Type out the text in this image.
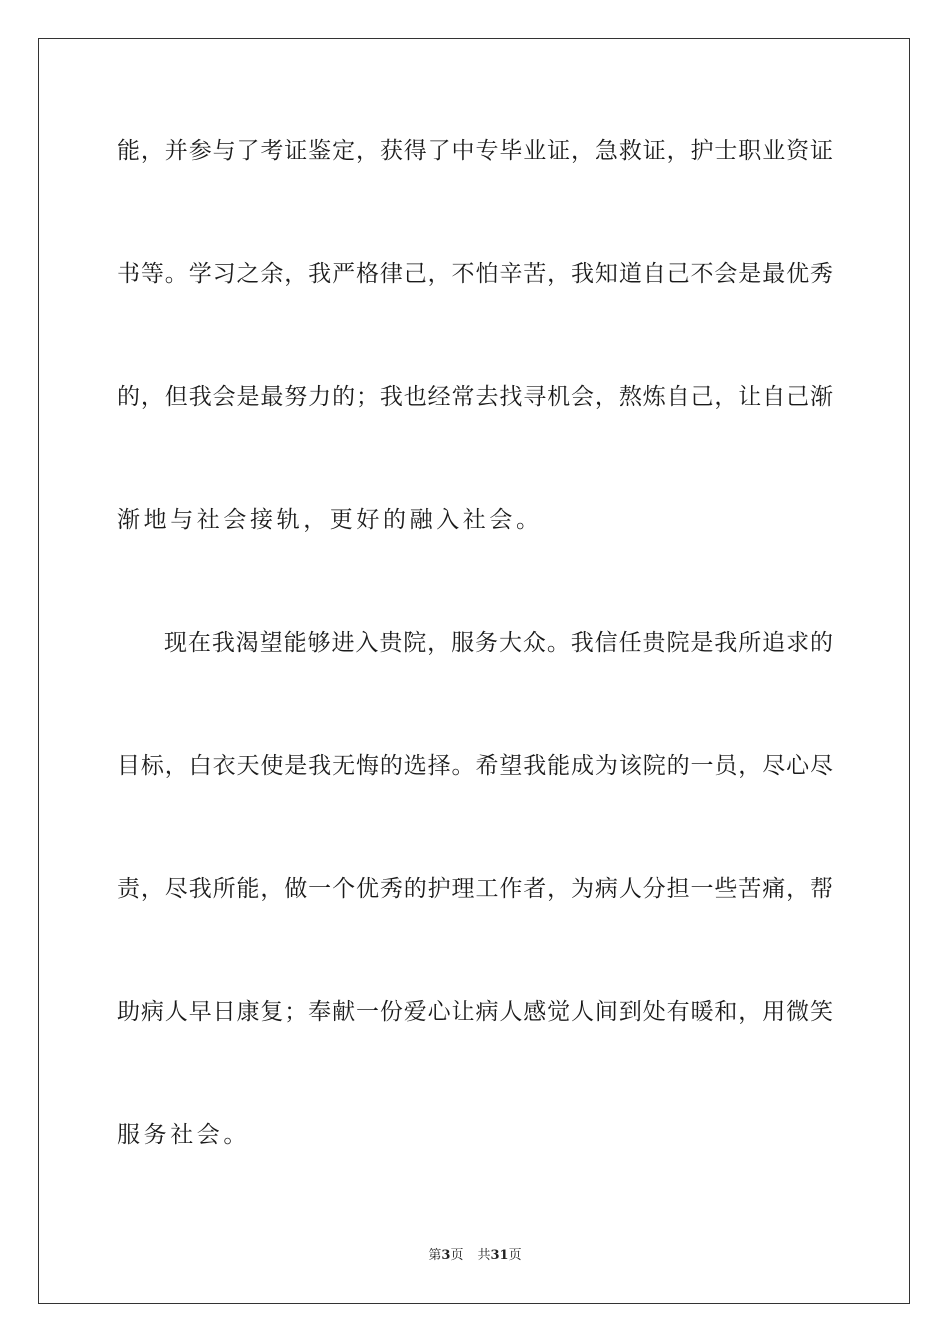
能，并参与了考证鉴定，获得了中专毕业证，急救证，护士职业资证
书等。学习之余，我严格律己，不怕辛苦，我知道自己不会是最优秀
的，但我会是最努力的；我也经常去找寻机会，熬炼自己，让自己渐
渐地与社会接轨，更好的融入社会。
现在我渴望能够进入贵院，服务大众。我信任贵院是我所追求的
目标，白衣天使是我无悔的选择。希望我能成为该院的一员，尽心尽
责，尽我所能，做一个优秀的护理工作者，为病人分担一些苦痛，帮
助病人早日康复；奉献一份爱心让病人感觉人间到处有暖和，用微笑
服务社会。
第3页 共31页
